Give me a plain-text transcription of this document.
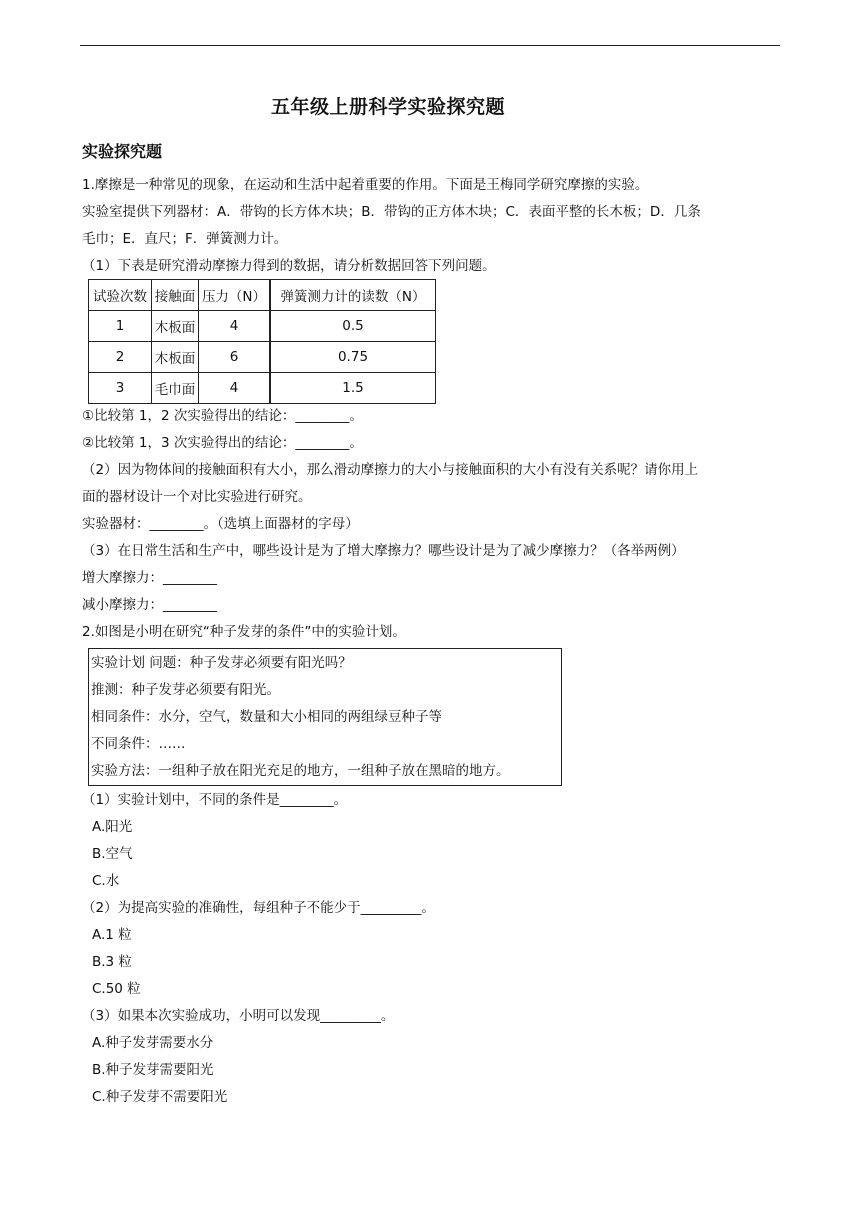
五年级上册科学实验探究题
实验探究题
1.摩擦是一种常见的现象，在运动和生活中起着重要的作用。下面是王梅同学研究摩擦的实验。
实验室提供下列器材：A．带钩的长方体木块；B．带钩的正方体木块；C．表面平整的长木板；D．几条
毛巾；E．直尺；F．弹簧测力计。
（1）下表是研究滑动摩擦力得到的数据，请分析数据回答下列问题。
试验次数	接触面	压力（N）	弹簧测力计的读数（N）
1	木板面	4	0.5
2	木板面	6	0.75
3	毛巾面	4	1.5
①比较第 1，2 次实验得出的结论：________。
②比较第 1，3 次实验得出的结论：________。
（2）因为物体间的接触面积有大小，那么滑动摩擦力的大小与接触面积的大小有没有关系呢？请你用上
面的器材设计一个对比实验进行研究。
实验器材：________。（选填上面器材的字母）
（3）在日常生活和生产中，哪些设计是为了增大摩擦力？哪些设计是为了减少摩擦力？（各举两例）
增大摩擦力：________
减小摩擦力：________
2.如图是小明在研究“种子发芽的条件”中的实验计划。
实验计划 问题：种子发芽必须要有阳光吗？
推测：种子发芽必须要有阳光。
相同条件：水分，空气，数量和大小相同的两组绿豆种子等
不同条件：……
实验方法：一组种子放在阳光充足的地方，一组种子放在黑暗的地方。
（1）实验计划中，不同的条件是________。
A.阳光
B.空气
C.水
（2）为提高实验的准确性，每组种子不能少于_________。
A.1 粒
B.3 粒
C.50 粒
（3）如果本次实验成功，小明可以发现_________。
A.种子发芽需要水分
B.种子发芽需要阳光
C.种子发芽不需要阳光
